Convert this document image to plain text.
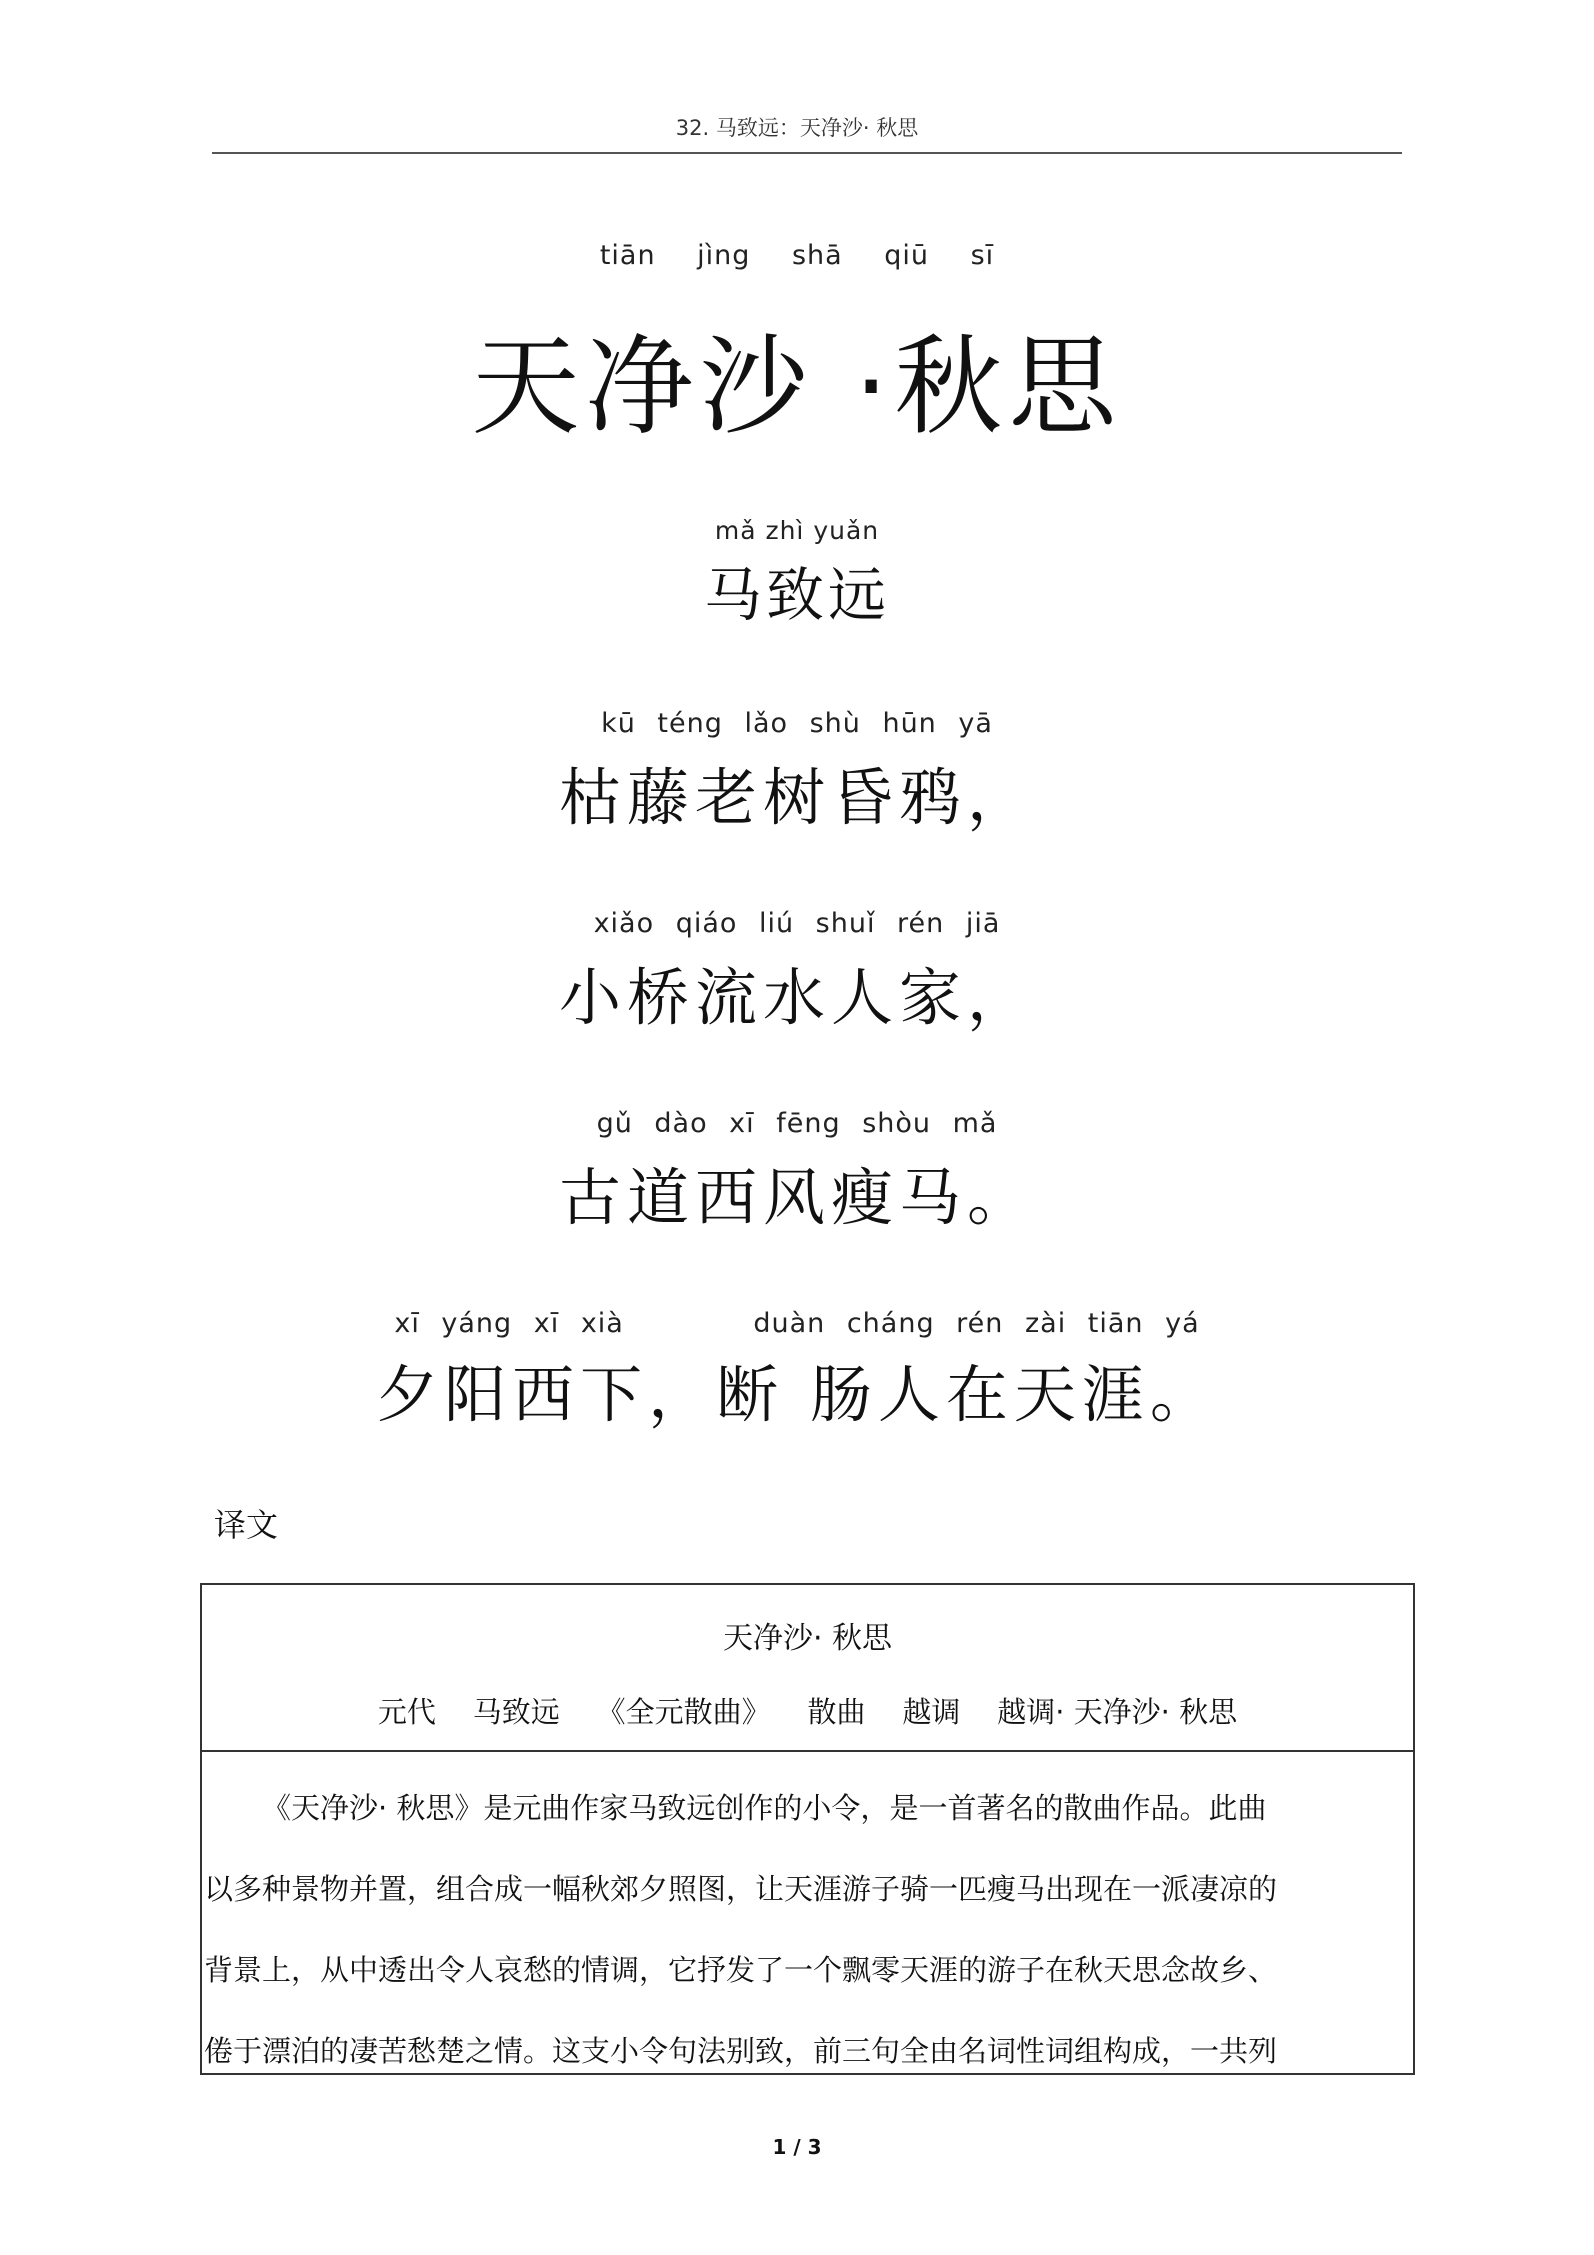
32. 马致远：天净沙· 秋思
tiān jìng shā qiū sī
天净沙 ·秋思
mǎ zhì yuǎn
马致远
kū téng lǎo shù hūn yā
枯藤老树昏鸦，
xiǎo qiáo liú shuǐ rén jiā
小桥流水人家，
gǔ dào xī fēng shòu mǎ
古道西风瘦马。
xī yáng xī xià      duàn cháng rén zài tiān yá
夕阳西下，断 肠人在天涯。
译文
天净沙· 秋思
元代    马致远    《全元散曲》    散曲    越调    越调· 天净沙· 秋思

《天净沙· 秋思》是元曲作家马致远创作的小令，是一首著名的散曲作品。此曲

以多种景物并置，组合成一幅秋郊夕照图，让天涯游子骑一匹瘦马出现在一派凄凉的

背景上，从中透出令人哀愁的情调，它抒发了一个飘零天涯的游子在秋天思念故乡、

倦于漂泊的凄苦愁楚之情。这支小令句法别致，前三句全由名词性词组构成，一共列

1 / 3
